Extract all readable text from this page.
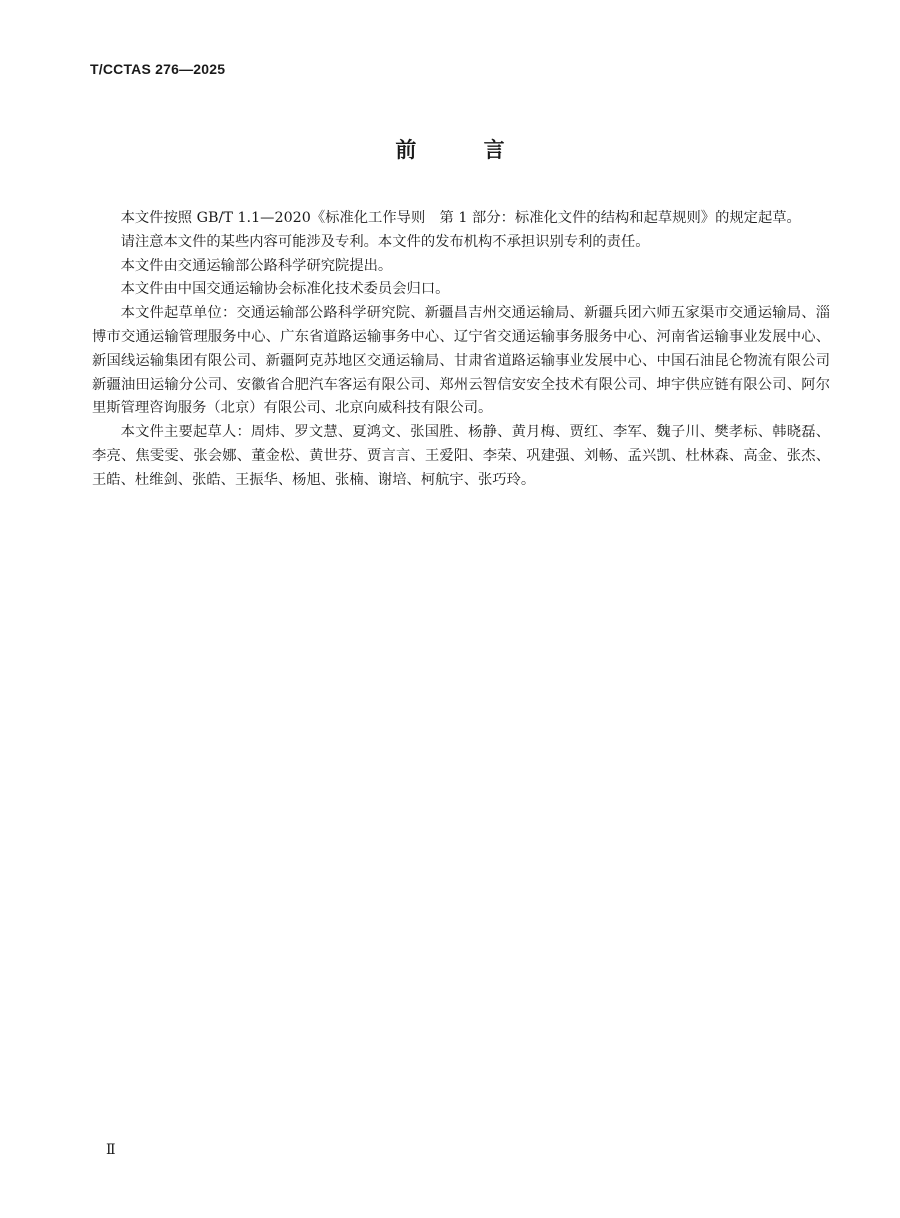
T/CCTAS 276—2025
前 言

本文件按照 GB/T 1.1—2020《标准化工作导则　第 1 部分：标准化文件的结构和起草规则》的规定起草。

请注意本文件的某些内容可能涉及专利。本文件的发布机构不承担识别专利的责任。

本文件由交通运输部公路科学研究院提出。

本文件由中国交通运输协会标准化技术委员会归口。

本文件起草单位：交通运输部公路科学研究院、新疆昌吉州交通运输局、新疆兵团六师五家渠市交通运输局、淄博市交通运输管理服务中心、广东省道路运输事务中心、辽宁省交通运输事务服务中心、河南省运输事业发展中心、新国线运输集团有限公司、新疆阿克苏地区交通运输局、甘肃省道路运输事业发展中心、中国石油昆仑物流有限公司新疆油田运输分公司、安徽省合肥汽车客运有限公司、郑州云智信安安全技术有限公司、坤宇供应链有限公司、阿尔里斯管理咨询服务（北京）有限公司、北京向威科技有限公司。

本文件主要起草人：周炜、罗文慧、夏鸿文、张国胜、杨静、黄月梅、贾红、李军、魏子川、樊孝标、韩晓磊、李亮、焦雯雯、张会娜、董金松、黄世芬、贾言言、王爱阳、李荣、巩建强、刘畅、孟兴凯、杜林森、高金、张杰、王皓、杜维剑、张皓、王振华、杨旭、张楠、谢培、柯航宇、张巧玲。

Ⅱ
